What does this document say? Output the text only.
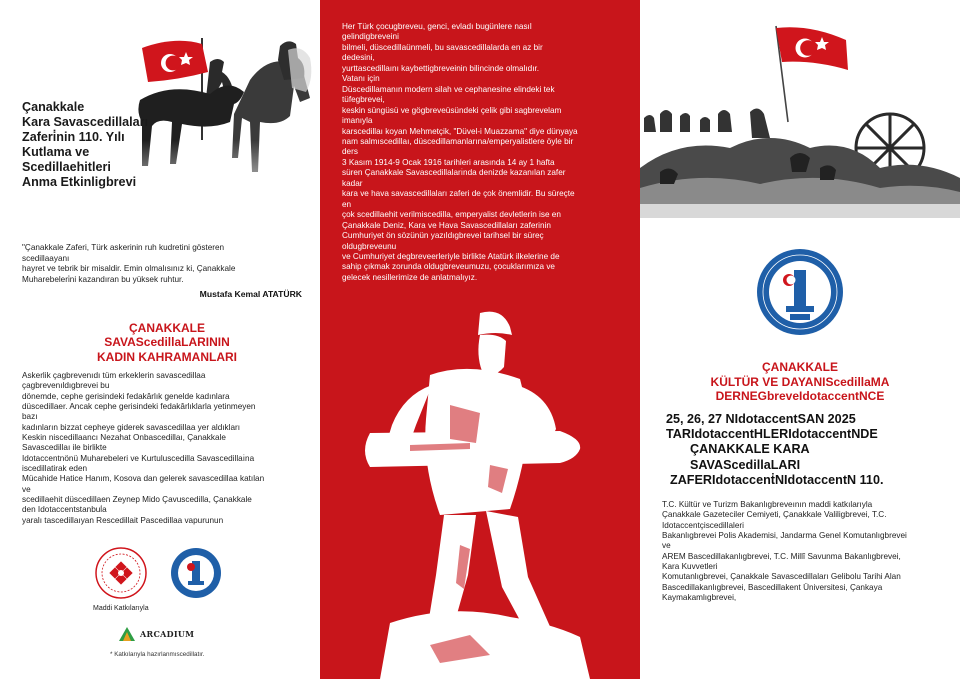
Çanakkale
Kara Savascedillaları
Zaferi̇nin 110. Yılı
Kutlama ve
Scedillaehitleri
Anma Etkinligbrevi
"Çanakkale Zaferi, Türk askerinin ruh kudretini gösteren
scedillaayanı
hayret ve tebrik bir misaldir. Emin olmalısınız ki, Çanakkale
Muharebeleri̇ni kazandıran bu yüksek ruhtur.
Mustafa Kemal ATATÜRK
ÇANAKKALE
SAVAScedillaLARININ
KADIN KAHRAMANLARI
Askerlik çagbrevenıdı tüm erkeklerin savascedillaa
çagbrevenıldıgbrevei bu
dönemde, cephe gerisindeki fedakârlık genelde kadınlara
düscedillaer. Ancak cephe gerisindeki fedakârlıklarla yetinmeyen
bazı
kadınların bizzat cepheye giderek savascedillaa yer aldıkları
Keskin niscedillaancı Nezahat Onbascedillaı, Çanakkale
Savascedillaı ile birlikte
Idotaccentnönü Muharebeleri ve Kurtuluscedilla Savascedillaı̇na
iscedillatirak eden
Mücahide Hatice Hanım, Kosova dan gelerek savascedillaa katılan
ve
scedillaehit düscedillaen Zeynep Mido Çavuscedilla, Çanakkale
den Idotaccentstanbul̇a
yaralı tascedillaıyan Rescedillait Pascedillaa vapurunun
Maddi Katkılarıyla
ARCADIUM
* Katkılarıyla hazırlanmıscedillatır.
Her Türk çocugbreveu, genci, evladı bugünlere nasıl
gelindigbreveini
bilmeli, düscedillaünmeli, bu savascedillalarda en az bir
dedesini,
yurttascedillaını kaybettigbreveinin bilincinde olmalıdır.
Vatanı için
Düscedillamanın modern silah ve cephanesine elindeki tek
tüfegbrevei,
keskin süngüsü ve gögbreveüsündeki çelik gibi sagbrevelam
imanıyla
karscedillaı koyan Mehmetçik, "Düvel-i Muazzama" diye dünyaya
nam salmıscedillaı, düscedillamanlarına/emperyalistlere öyle bir
ders
3 Kasım 1914-9 Ocak 1916 tarihleri arasında 14 ay 1 hafta
süren Çanakkale Savascedillaları̇nda denizde kazanılan zafer
kadar
kara ve hava savascedillaları zaferi de çok önemlidir. Bu süreçte
en
çok scedillaehit verilmiscedilla, emperyalist devletlerin ise en
Çanakkale Deniz, Kara ve Hava Savascedillaları zaferinin
Cumhuriyet ön sözünün yazıldıgbrevei tarihsel bir süreç
oldugbreveunu
ve Cumhuriyet degbreveerleriyle birlikte Atatürk ilkelerine de
sahip çıkmak zorunda oldugbreveumuzu, çocuklarımıza ve
gelecek nesillerimize de anlatmalıyız.
ÇANAKKALE
KÜLTÜR VE DAYANIScedillaMA
DERNEGbreveIdotaccentNCE
25, 26, 27 NIdotaccentSAN 2025
TARIdotaccentHLERIdotaccentNDE
ÇANAKKALE KARA
SAVAScedillaLARI
ZAFERIdotaccenṫNIdotaccentN 110.
T.C. Kültür ve Turizm Bakanlıgbreveının maddi katkılarıyla
Çanakkale Gazeteciler Cemiyeti, Çanakkale Valiligbrevei, T.C.
Idotaccentçiscedillaleri
Bakanlıgbrevei Polis Akademisi, Jandarma Genel Komutanlıgbrevei
ve
AREM Bascedillakanlıgbrevei, T.C. Millî Savunma Bakanlıgbrevei,
Kara Kuvvetleri
Komutanlıgbrevei, Çanakkale Savascedillaları Gelibolu Tarihi Alan
Bascedillakanlıgbrevei, Bascedillakent Üniversitesi, Çankaya
Kaymakamlıgbrevei,
